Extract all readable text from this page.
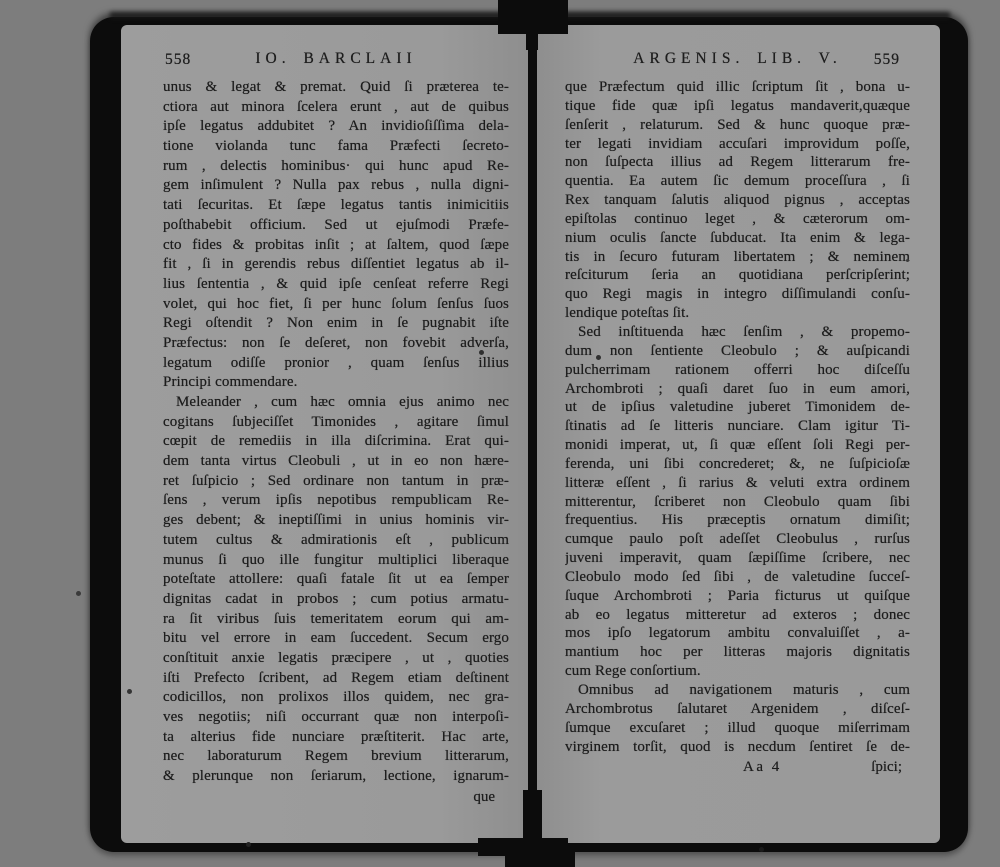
558	IO. BARCLAII
unus & legat & premat. Quid ſi præterea te-
ctiora aut minora ſcelera erunt , aut de quibus
ipſe legatus addubitet ? An invidioſiſſima dela-
tione violanda tunc fama Præfecti ſecreto-
rum , delectis hominibus· qui hunc apud Re-
gem inſimulent ? Nulla pax rebus , nulla digni-
tati ſecuritas. Et ſæpe legatus tantis inimicitiis
poſthabebit officium. Sed ut ejuſmodi Præfe-
cto fides & probitas inſit ; at ſaltem, quod ſæpe
fit , ſi in gerendis rebus diſſentiet legatus ab il-
lius ſententia , & quid ipſe cenſeat referre Regi
volet, qui hoc fiet, ſi per hunc ſolum ſenſus ſuos
Regi oſtendit ? Non enim in ſe pugnabit iſte
Præfectus: non ſe deſeret, non fovebit adverſa,
legatum odiſſe pronior , quam ſenſus illius
Principi commendare.
Meleander , cum hæc omnia ejus animo nec
cogitans ſubjeciſſet Timonides , agitare ſimul
cœpit de remediis in illa diſcrimina. Erat qui-
dem tanta virtus Cleobuli , ut in eo non hære-
ret ſuſpicio ; Sed ordinare non tantum in præ-
ſens , verum ipſis nepotibus rempublicam Re-
ges debent; & ineptiſſimi in unius hominis vir-
tutem cultus & admirationis eſt , publicum
munus ſi quo ille fungitur multiplici liberaque
poteſtate attollere: quaſi fatale ſit ut ea ſemper
dignitas cadat in probos ; cum potius armatu-
ra ſit viribus ſuis temeritatem eorum qui am-
bitu vel errore in eam ſuccedent. Secum ergo
conſtituit anxie legatis præcipere , ut , quoties
iſti Prefecto ſcribent, ad Regem etiam deſtinent
codicillos, non prolixos illos quidem, nec gra-
ves negotiis; niſi occurrant quæ non interpoſi-
ta alterius fide nunciare præſtiterit. Hac arte,
nec laboraturum Regem brevium litterarum,
& plerunque non ſeriarum, lectione, ignarum-
que
ARGENIS. LIB. V.	559
que Præfectum quid illic ſcriptum ſit , bona u-
tique fide quæ ipſi legatus mandaverit,quæque
ſenſerit , relaturum. Sed & hunc quoque præ-
ter legati invidiam accuſari improvidum poſſe,
non ſuſpecta illius ad Regem litterarum fre-
quentia. Ea autem ſic demum proceſſura , ſi
Rex tanquam ſalutis aliquod pignus , acceptas
epiſtolas continuo leget , & cæterorum om-
nium oculis ſancte ſubducat. Ita enim & lega-
tis in ſecuro futuram libertatem ; & neminem
reſciturum ſeria an quotidiana perſcripſerint;
quo Regi magis in integro diſſimulandi conſu-
lendique poteſtas ſit.
Sed inſtituenda hæc ſenſim , & propemo-
dum non ſentiente Cleobulo ; & auſpicandi
pulcherrimam rationem offerri hoc diſceſſu
Archombroti ; quaſi daret ſuo in eum amori,
ut de ipſius valetudine juberet Timonidem de-
ſtinatis ad ſe litteris nunciare. Clam igitur Ti-
monidi imperat, ut, ſi quæ eſſent ſoli Regi per-
ferenda, uni ſibi concrederet; &, ne ſuſpicioſæ
litteræ eſſent , ſi rarius & veluti extra ordinem
mitterentur, ſcriberet non Cleobulo quam ſibi
frequentius. His præceptis ornatum dimiſit;
cumque paulo poſt adeſſet Cleobulus , rurſus
juveni imperavit, quam ſæpiſſime ſcribere, nec
Cleobulo modo ſed ſibi , de valetudine ſucceſ-
ſuque Archombroti ; Paria ficturus ut quiſque
ab eo legatus mitteretur ad exteros ; donec
mos ipſo legatorum ambitu convaluiſſet , a-
mantium hoc per litteras majoris dignitatis
cum Rege conſortium.
Omnibus ad navigationem maturis , cum
Archombrotus ſalutaret Argenidem , diſceſ-
ſumque excuſaret ; illud quoque miſerrimam
virginem torſit, quod is necdum ſentiret ſe de-
Aa 4	ſpici;
